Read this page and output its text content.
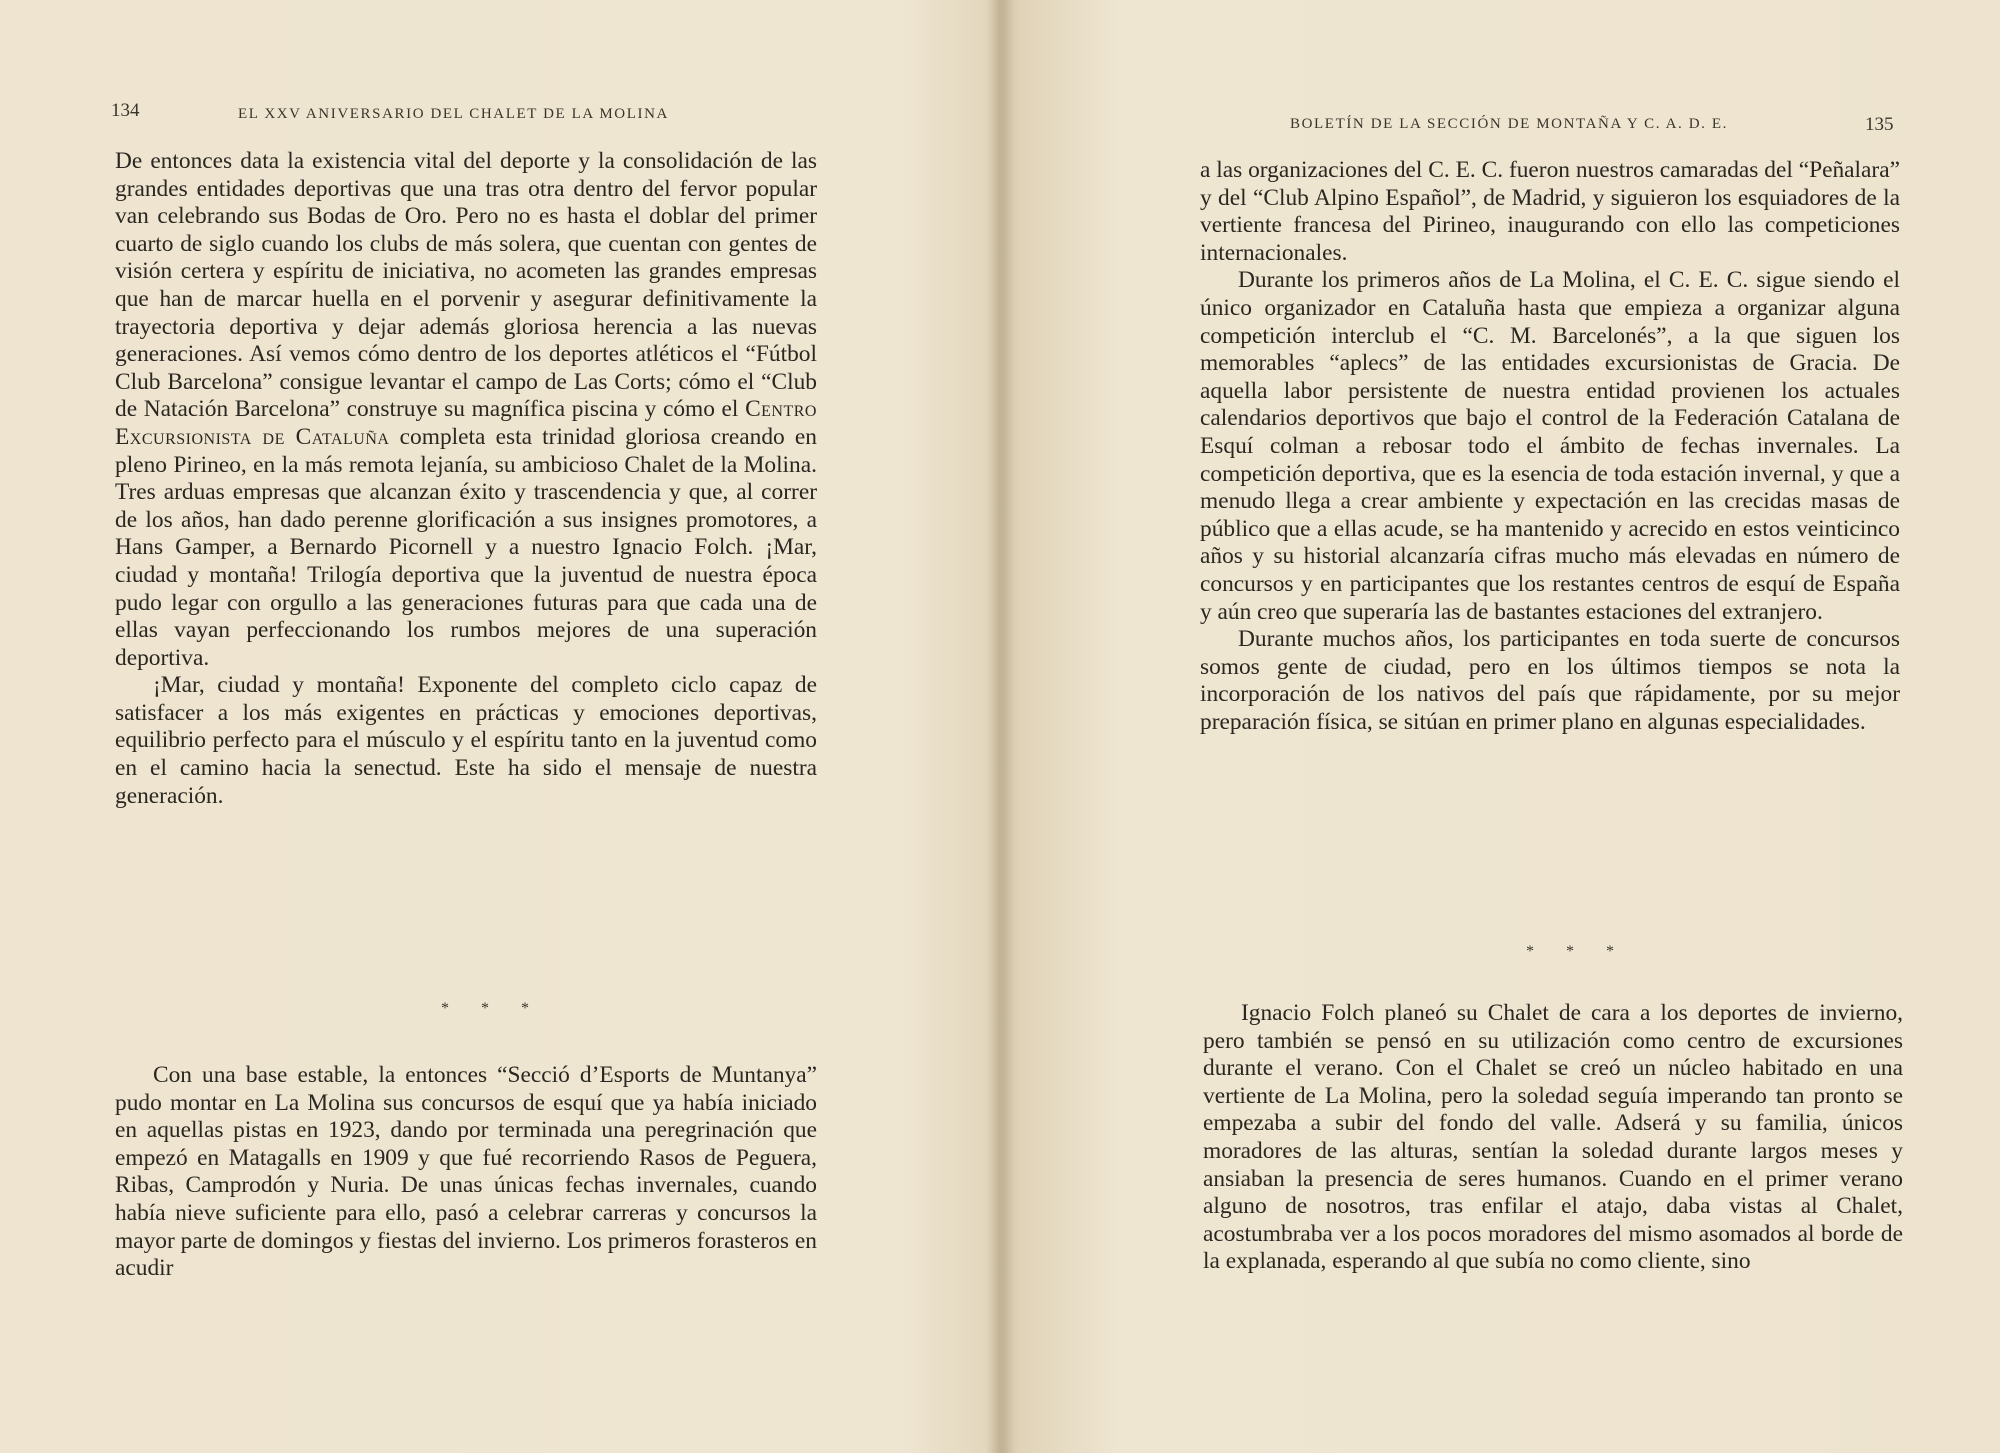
134	EL XXV ANIVERSARIO DEL CHALET DE LA MOLINA

De entonces data la existencia vital del deporte y la consolidación de las grandes entidades deportivas que una tras otra dentro del fervor popular van celebrando sus Bodas de Oro. Pero no es hasta el doblar del primer cuarto de siglo cuando los clubs de más solera, que cuentan con gentes de visión certera y espíritu de iniciativa, no acometen las grandes empresas que han de marcar huella en el porvenir y asegurar definitivamente la trayectoria deportiva y dejar además gloriosa herencia a las nuevas generaciones. Así vemos cómo dentro de los deportes atléticos el “Fútbol Club Barcelona” consigue levantar el campo de Las Corts; cómo el “Club de Natación Barcelona” construye su magnífica piscina y cómo el Centro Excursionista de Cataluña completa esta trinidad gloriosa creando en pleno Pirineo, en la más remota lejanía, su ambicioso Chalet de la Molina. Tres arduas empresas que alcanzan éxito y trascendencia y que, al correr de los años, han dado perenne glorificación a sus insignes promotores, a Hans Gamper, a Bernardo Picornell y a nuestro Ignacio Folch. ¡Mar, ciudad y montaña! Trilogía deportiva que la juventud de nuestra época pudo legar con orgullo a las generaciones futuras para que cada una de ellas vayan perfeccionando los rumbos mejores de una superación deportiva.

¡Mar, ciudad y montaña! Exponente del completo ciclo capaz de satisfacer a los más exigentes en prácticas y emociones deportivas, equilibrio perfecto para el músculo y el espíritu tanto en la juventud como en el camino hacia la senectud. Este ha sido el mensaje de nuestra generación.

* * *

Con una base estable, la entonces “Secció d’Esports de Muntanya” pudo montar en La Molina sus concursos de esquí que ya había iniciado en aquellas pistas en 1923, dando por terminada una peregrinación que empezó en Matagalls en 1909 y que fué recorriendo Rasos de Peguera, Ribas, Camprodón y Nuria. De unas únicas fechas invernales, cuando había nieve suficiente para ello, pasó a celebrar carreras y concursos la mayor parte de domingos y fiestas del invierno. Los primeros forasteros en acudir

BOLETÍN DE LA SECCIÓN DE MONTAÑA Y C. A. D. E.	135

a las organizaciones del C. E. C. fueron nuestros camaradas del “Peñalara” y del “Club Alpino Español”, de Madrid, y siguieron los esquiadores de la vertiente francesa del Pirineo, inaugurando con ello las competiciones internacionales.

Durante los primeros años de La Molina, el C. E. C. sigue siendo el único organizador en Cataluña hasta que empieza a organizar alguna competición interclub el “C. M. Barcelonés”, a la que siguen los memorables “aplecs” de las entidades excursionistas de Gracia. De aquella labor persistente de nuestra entidad provienen los actuales calendarios deportivos que bajo el control de la Federación Catalana de Esquí colman a rebosar todo el ámbito de fechas invernales. La competición deportiva, que es la esencia de toda estación invernal, y que a menudo llega a crear ambiente y expectación en las crecidas masas de público que a ellas acude, se ha mantenido y acrecido en estos veinticinco años y su historial alcanzaría cifras mucho más elevadas en número de concursos y en participantes que los restantes centros de esquí de España y aún creo que superaría las de bastantes estaciones del extranjero.

Durante muchos años, los participantes en toda suerte de concursos somos gente de ciudad, pero en los últimos tiempos se nota la incorporación de los nativos del país que rápidamente, por su mejor preparación física, se sitúan en primer plano en algunas especialidades.

* * *

Ignacio Folch planeó su Chalet de cara a los deportes de invierno, pero también se pensó en su utilización como centro de excursiones durante el verano. Con el Chalet se creó un núcleo habitado en una vertiente de La Molina, pero la soledad seguía imperando tan pronto se empezaba a subir del fondo del valle. Adserá y su familia, únicos moradores de las alturas, sentían la soledad durante largos meses y ansiaban la presencia de seres humanos. Cuando en el primer verano alguno de nosotros, tras enfilar el atajo, daba vistas al Chalet, acostumbraba ver a los pocos moradores del mismo asomados al borde de la explanada, esperando al que subía no como cliente, sino
